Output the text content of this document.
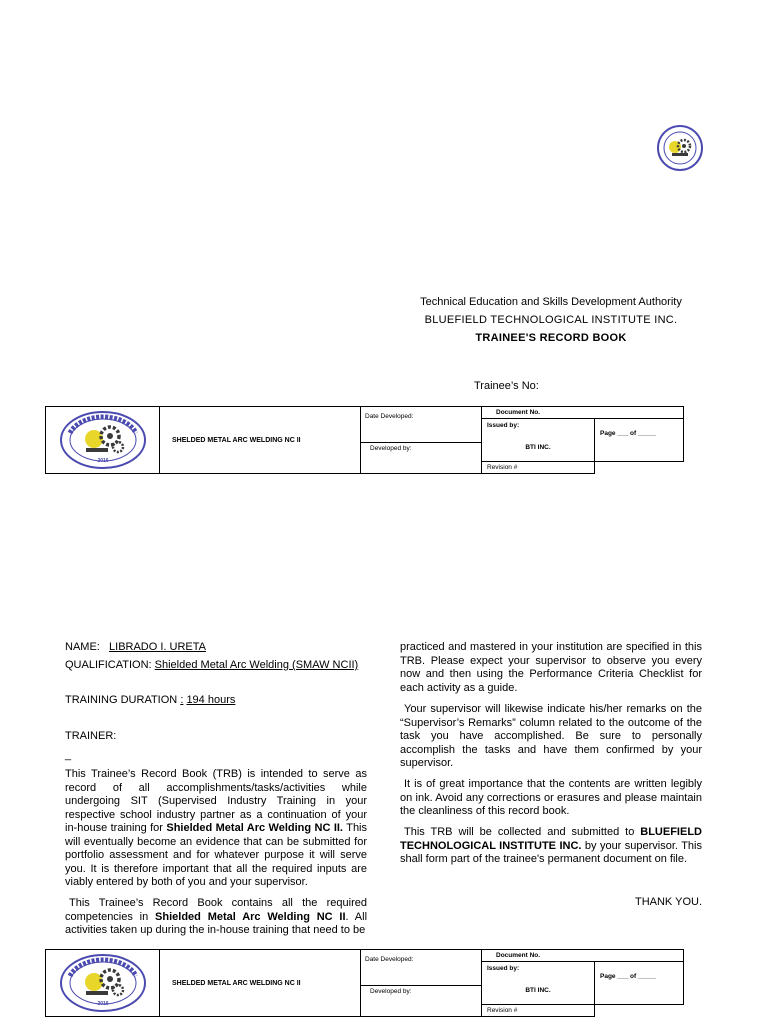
Technical Education and Skills Development Authority
BLUEFIELD TECHNOLOGICAL INSTITUTE INC.
TRAINEE'S RECORD BOOK
Trainee’s No:
2016
SHELDED METAL ARC WELDING NC II
Date Developed:
Developed by:
Document No.
Issued by:
BTI INC.
Page ___ of _____
Revision #
NAME: LIBRADO I. URETA
QUALIFICATION: Shielded Metal Arc Welding (SMAW NCII)
TRAINING DURATION : 194 hours
TRAINER:
_
This Trainee’s Record Book (TRB) is intended to serve as record of all accomplishments/tasks/activities while undergoing SIT (Supervised Industry Training in your respective school industry partner as a continuation of your in-house training for Shielded Metal Arc Welding NC II. This will eventually become an evidence that can be submitted for portfolio assessment and for whatever purpose it will serve you. It is therefore important that all the required inputs are viably entered by both of you and your supervisor.
This Trainee’s Record Book contains all the required competencies in Shielded Metal Arc Welding NC II. All activities taken up during the in-house training that need to be
practiced and mastered in your institution are specified in this TRB. Please expect your supervisor to observe you every now and then using the Performance Criteria Checklist for each activity as a guide.
Your supervisor will likewise indicate his/her remarks on the “Supervisor’s Remarks” column related to the outcome of the task you have accomplished. Be sure to personally accomplish the tasks and have them confirmed by your supervisor.
It is of great importance that the contents are written legibly on ink. Avoid any corrections or erasures and please maintain the cleanliness of this record book.
This TRB will be collected and submitted to BLUEFIELD TECHNOLOGICAL INSTITUTE INC. by your supervisor. This shall form part of the trainee's permanent document on file.
THANK YOU.
2016
SHELDED METAL ARC WELDING NC II
Date Developed:
Developed by:
Document No.
Issued by:
BTI INC.
Page ___ of _____
Revision #
